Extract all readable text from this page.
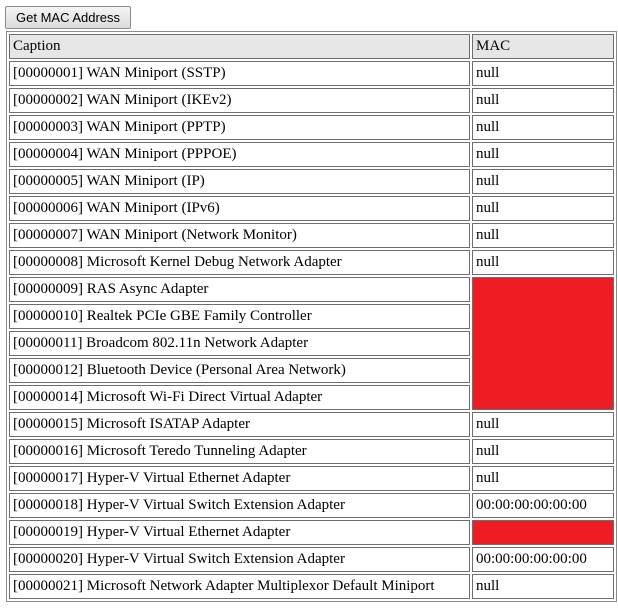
Get MAC Address
Caption	MAC
[00000001] WAN Miniport (SSTP)	null
[00000002] WAN Miniport (IKEv2)	null
[00000003] WAN Miniport (PPTP)	null
[00000004] WAN Miniport (PPPOE)	null
[00000005] WAN Miniport (IP)	null
[00000006] WAN Miniport (IPv6)	null
[00000007] WAN Miniport (Network Monitor)	null
[00000008] Microsoft Kernel Debug Network Adapter	null
[00000009] RAS Async Adapter	
[00000010] Realtek PCIe GBE Family Controller	
[00000011] Broadcom 802.11n Network Adapter	
[00000012] Bluetooth Device (Personal Area Network)	
[00000014] Microsoft Wi-Fi Direct Virtual Adapter	
[00000015] Microsoft ISATAP Adapter	null
[00000016] Microsoft Teredo Tunneling Adapter	null
[00000017] Hyper-V Virtual Ethernet Adapter	null
[00000018] Hyper-V Virtual Switch Extension Adapter	00:00:00:00:00:00
[00000019] Hyper-V Virtual Ethernet Adapter	
[00000020] Hyper-V Virtual Switch Extension Adapter	00:00:00:00:00:00
[00000021] Microsoft Network Adapter Multiplexor Default Miniport	null
